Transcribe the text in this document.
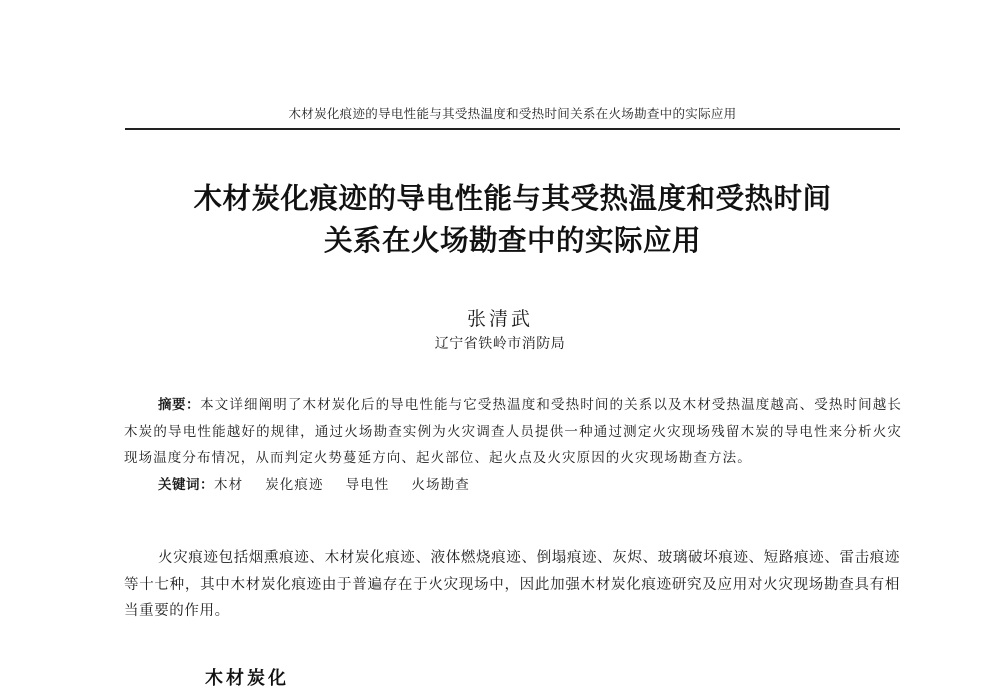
木材炭化痕迹的导电性能与其受热温度和受热时间关系在火场勘查中的实际应用
木材炭化痕迹的导电性能与其受热温度和受热时间
关系在火场勘查中的实际应用
张清武
辽宁省铁岭市消防局

摘要：本文详细阐明了木材炭化后的导电性能与它受热温度和受热时间的关系以及木材受热温度越高、受热时间越长木炭的导电性能越好的规律，通过火场勘查实例为火灾调查人员提供一种通过测定火灾现场残留木炭的导电性来分析火灾现场温度分布情况，从而判定火势蔓延方向、起火部位、起火点及火灾原因的火灾现场勘查方法。

关键词：木材 炭化痕迹 导电性 火场勘查

火灾痕迹包括烟熏痕迹、木材炭化痕迹、液体燃烧痕迹、倒塌痕迹、灰烬、玻璃破坏痕迹、短路痕迹、雷击痕迹等十七种，其中木材炭化痕迹由于普遍存在于火灾现场中，因此加强木材炭化痕迹研究及应用对火灾现场勘查具有相当重要的作用。

木材炭化
